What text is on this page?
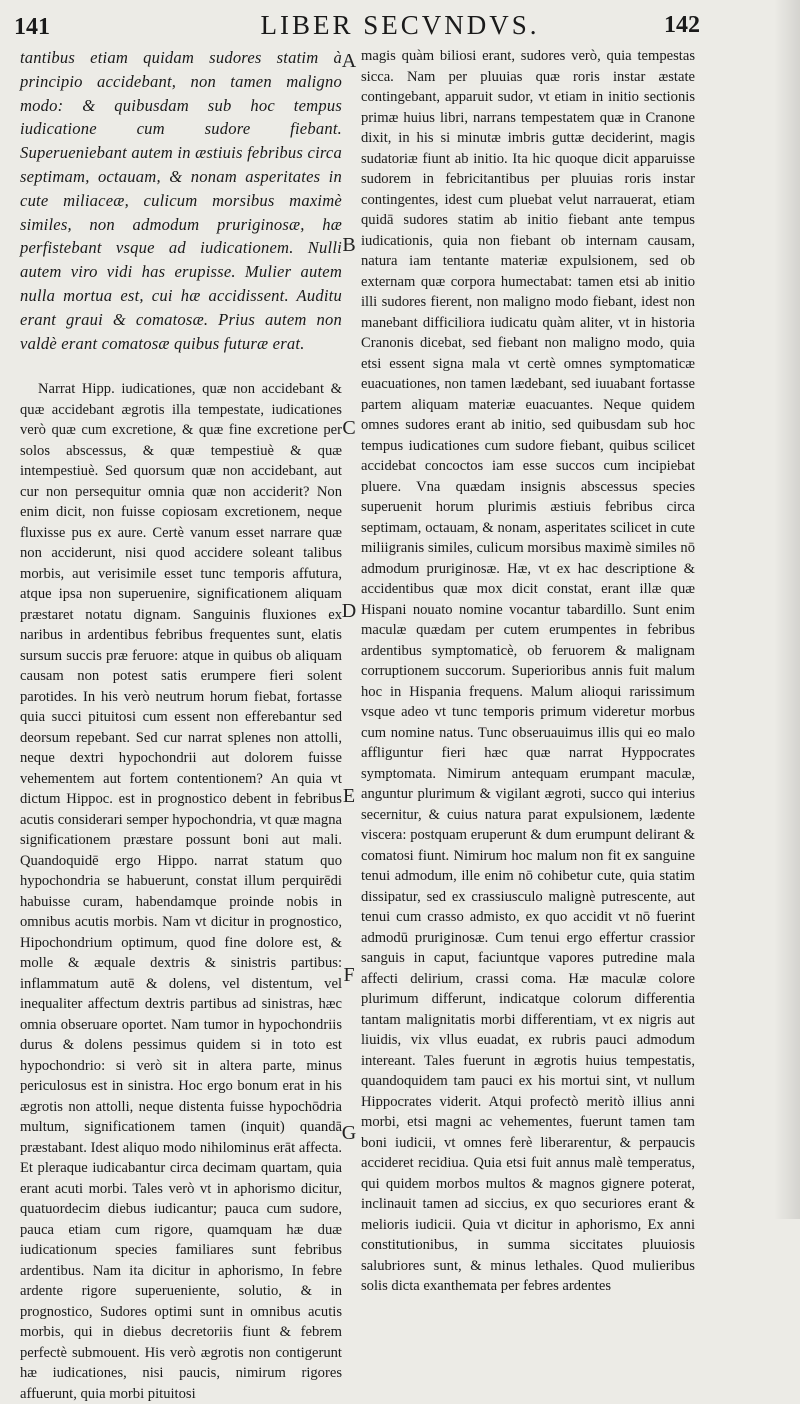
141	LIBER SECVNDVS.	142

tantibus etiam quidam sudores statim à principio accidebant, non tamen maligno modo: & quibusdam sub hoc tempus iudicatione cum sudore fiebant. Superueniebant autem in æstiuis febribus circa septimam, octauam, & nonam asperitates in cute miliaceæ, culicum morsibus maximè similes, non admodum pruriginosæ, hæ perfistebant vsque ad iudicationem. Nulli autem viro vidi has erupisse. Mulier autem nulla mortua est, cui hæ accidissent. Auditu erant graui & comatosæ. Prius autem non valdè erant comatosæ quibus futuræ erat.

Narrat Hipp. iudicationes, quæ non accidebant & quæ accidebant ægrotis illa tempestate, iudicationes verò quæ cum excretione, & quæ fine excretione per solos abscessus, & quæ tempestiuè & quæ intempestiuè. Sed quorsum quæ non accidebant, aut cur non persequitur omnia quæ non acciderit? Non enim dicit, non fuisse copiosam excretionem, neque fluxisse pus ex aure. Certè vanum esset narrare quæ non acciderunt, nisi quod accidere soleant talibus morbis, aut verisimile esset tunc temporis affutura, atque ipsa non superuenire, significationem aliquam præstaret notatu dignam. Sanguinis fluxiones ex naribus in ardentibus febribus frequentes sunt, elatis sursum succis præ feruore: atque in quibus ob aliquam causam non potest satis erumpere fieri solent parotides. In his verò neutrum horum fiebat, fortasse quia succi pituitosi cum essent non efferebantur sed deorsum repebant. Sed cur narrat splenes non attolli, neque dextri hypochondrii aut dolorem fuisse vehementem aut fortem contentionem? An quia vt dictum Hippoc. est in prognostico debent in febribus acutis considerari semper hypochondria, vt quæ magna significationem præstare possunt boni aut mali. Quandoquidē ergo Hippo. narrat statum quo hypochondria se habuerunt, constat illum perquirēdi habuisse curam, habendamque proinde nobis in omnibus acutis morbis. Nam vt dicitur in prognostico, Hipochondrium optimum, quod fine dolore est, & molle & æquale dextris & sinistris partibus: inflammatum autē & dolens, vel distentum, vel inequaliter affectum dextris partibus ad sinistras, hæc omnia obseruare oportet. Nam tumor in hypochondriis durus & dolens pessimus quidem si in toto est hypochondrio: si verò sit in altera parte, minus periculosus est in sinistra. Hoc ergo bonum erat in his ægrotis non attolli, neque distenta fuisse hypochōdria multum, significationem tamen (inquit) quandā præstabant. Idest aliquo modo nihilominus erāt affecta. Et pleraque iudicabantur circa decimam quartam, quia erant acuti morbi. Tales verò vt in aphorismo dicitur, quatuordecim diebus iudicantur; pauca cum sudore, pauca etiam cum rigore, quamquam hæ duæ iudicationum species familiares sunt febribus ardentibus. Nam ita dicitur in aphorismo, In febre ardente rigore superueniente, solutio, & in prognostico, Sudores optimi sunt in omnibus acutis morbis, qui in diebus decretoriis fiunt & febrem perfectè submouent. His verò ægrotis non contigerunt hæ iudicationes, nisi paucis, nimirum rigores affuerunt, quia morbi pituitosi

A
B
C
D
E
F
G

magis quàm biliosi erant, sudores verò, quia tempestas sicca. Nam per pluuias quæ roris instar æstate contingebant, apparuit sudor, vt etiam in initio sectionis primæ huius libri, narrans tempestatem quæ in Cranone dixit, in his si minutæ imbris guttæ deciderint, magis sudatoriæ fiunt ab initio. Ita hic quoque dicit apparuisse sudorem in febricitantibus per pluuias roris instar contingentes, idest cum pluebat velut narrauerat, etiam quidā sudores statim ab initio fiebant ante tempus iudicationis, quia non fiebant ob internam causam, natura iam tentante materiæ expulsionem, sed ob externam quæ corpora humectabat: tamen etsi ab initio illi sudores fierent, non maligno modo fiebant, idest non manebant difficiliora iudicatu quàm aliter, vt in historia Cranonis dicebat, sed fiebant non maligno modo, quia etsi essent signa mala vt certè omnes symptomaticæ euacuationes, non tamen lædebant, sed iuuabant fortasse partem aliquam materiæ euacuantes. Neque quidem omnes sudores erant ab initio, sed quibusdam sub hoc tempus iudicationes cum sudore fiebant, quibus scilicet accidebat concoctos iam esse succos cum incipiebat pluere. Vna quædam insignis abscessus species superuenit horum plurimis æstiuis febribus circa septimam, octauam, & nonam, asperitates scilicet in cute miliigranis similes, culicum morsibus maximè similes nō admodum pruriginosæ. Hæ, vt ex hac descriptione & accidentibus quæ mox dicit constat, erant illæ quæ Hispani nouato nomine vocantur tabardillo. Sunt enim maculæ quædam per cutem erumpentes in febribus ardentibus symptomaticè, ob feruorem & malignam corruptionem succorum. Superioribus annis fuit malum hoc in Hispania frequens. Malum alioqui rarissimum vsque adeo vt tunc temporis primum videretur morbus cum nomine natus. Tunc obseruauimus illis qui eo malo affliguntur fieri hæc quæ narrat Hyppocrates symptomata. Nimirum antequam erumpant maculæ, anguntur plurimum & vigilant ægroti, succo qui interius secernitur, & cuius natura parat expulsionem, lædente viscera: postquam eruperunt & dum erumpunt delirant & comatosi fiunt. Nimirum hoc malum non fit ex sanguine tenui admodum, ille enim nō cohibetur cute, quia statim dissipatur, sed ex crassiusculo malignè putrescente, aut tenui cum crasso admisto, ex quo accidit vt nō fuerint admodū pruriginosæ. Cum tenui ergo effertur crassior sanguis in caput, faciuntque vapores putredine mala affecti delirium, crassi coma. Hæ maculæ colore plurimum differunt, indicatque colorum differentia tantam malignitatis morbi differentiam, vt ex nigris aut liuidis, vix vllus euadat, ex rubris pauci admodum intereant. Tales fuerunt in ægrotis huius tempestatis, quandoquidem tam pauci ex his mortui sint, vt nullum Hippocrates viderit. Atqui profectò meritò illius anni morbi, etsi magni ac vehementes, fuerunt tamen tam boni iudicii, vt omnes ferè liberarentur, & perpaucis accideret recidiua. Quia etsi fuit annus malè temperatus, qui quidem morbos multos & magnos gignere poterat, inclinauit tamen ad siccius, ex quo securiores erant & melioris iudicii. Quia vt dicitur in aphorismo, Ex anni constitutionibus, in summa siccitates pluuiosis salubriores sunt, & minus lethales. Quod mulieribus solis dicta exanthemata per febres ardentes
